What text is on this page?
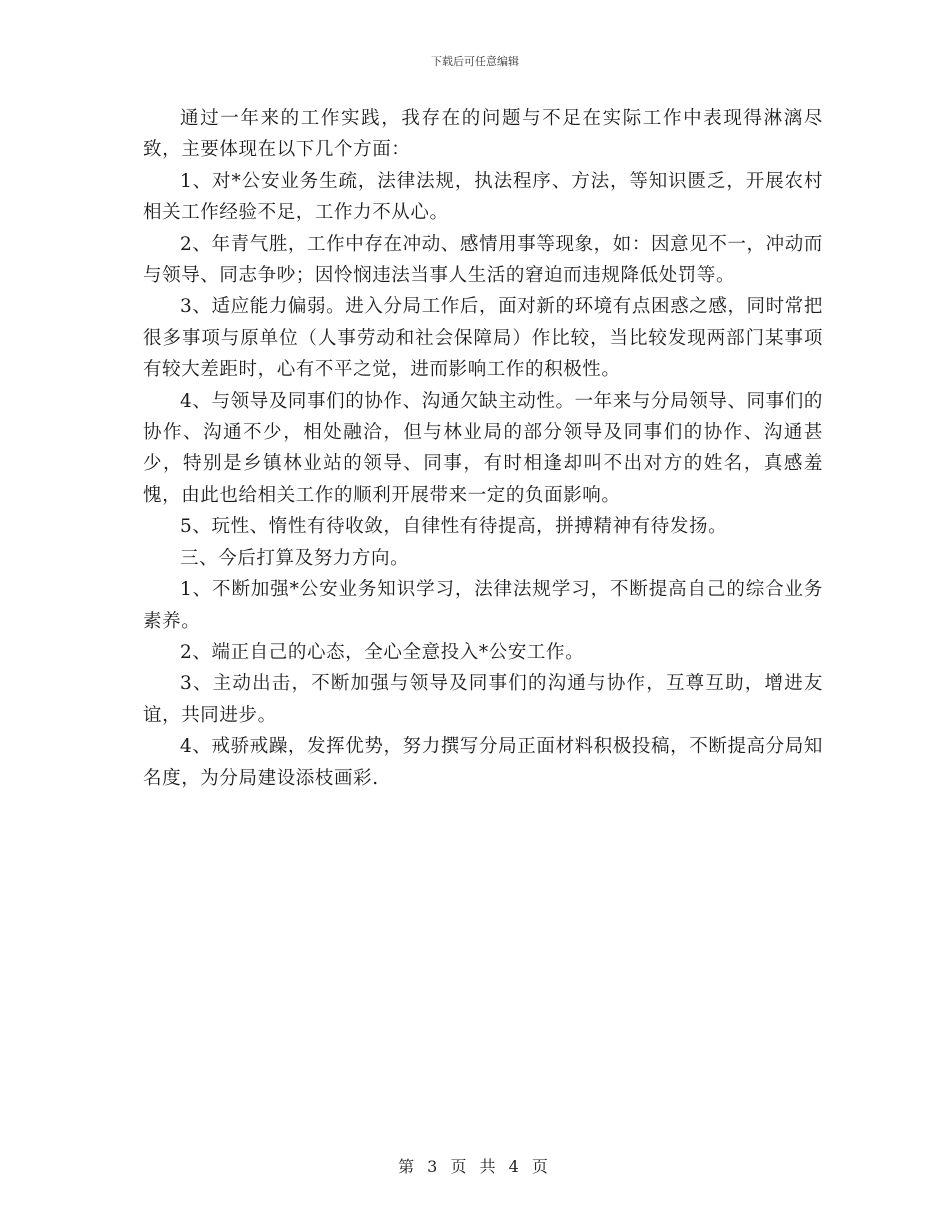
下载后可任意编辑

通过一年来的工作实践，我存在的问题与不足在实际工作中表现得淋漓尽致，主要体现在以下几个方面：

1、对*公安业务生疏，法律法规，执法程序、方法，等知识匮乏，开展农村相关工作经验不足，工作力不从心。

2、年青气胜，工作中存在冲动、感情用事等现象，如：因意见不一，冲动而与领导、同志争吵；因怜悯违法当事人生活的窘迫而违规降低处罚等。

3、适应能力偏弱。进入分局工作后，面对新的环境有点困惑之感，同时常把很多事项与原单位（人事劳动和社会保障局）作比较，当比较发现两部门某事项有较大差距时，心有不平之觉，进而影响工作的积极性。

4、与领导及同事们的协作、沟通欠缺主动性。一年来与分局领导、同事们的协作、沟通不少，相处融洽，但与林业局的部分领导及同事们的协作、沟通甚少，特别是乡镇林业站的领导、同事，有时相逢却叫不出对方的姓名，真感羞愧，由此也给相关工作的顺利开展带来一定的负面影响。

5、玩性、惰性有待收敛，自律性有待提高，拼搏精神有待发扬。

三、今后打算及努力方向。

1、不断加强*公安业务知识学习，法律法规学习，不断提高自己的综合业务素养。

2、端正自己的心态，全心全意投入*公安工作。

3、主动出击，不断加强与领导及同事们的沟通与协作，互尊互助，增进友谊，共同进步。

4、戒骄戒躁，发挥优势，努力撰写分局正面材料积极投稿，不断提高分局知名度，为分局建设添枝画彩.

第 3 页 共 4 页
